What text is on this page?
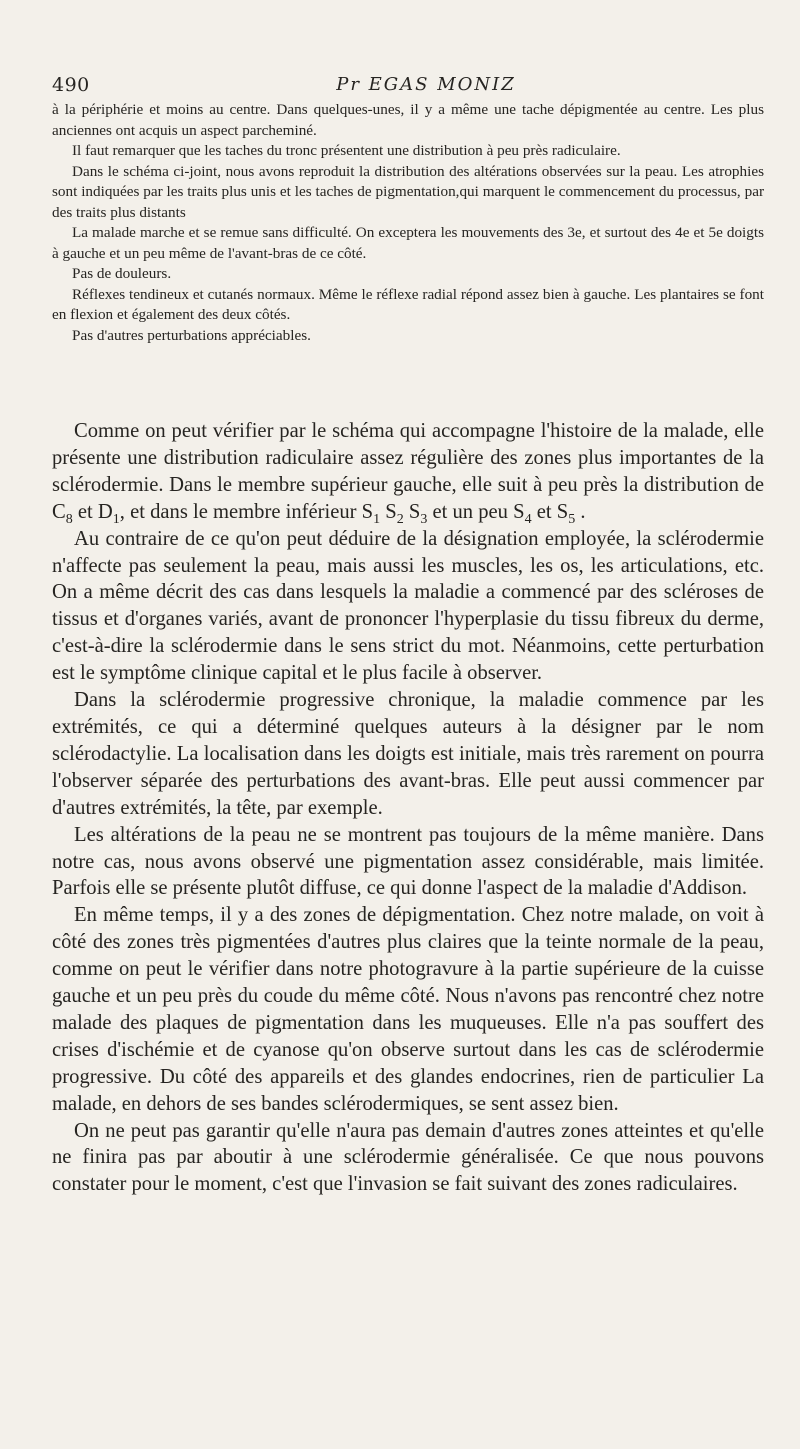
490	Pr EGAS MONIZ

à la périphérie et moins au centre. Dans quelques-unes, il y a même une tache dépigmentée au centre. Les plus anciennes ont acquis un aspect parcheminé.

Il faut remarquer que les taches du tronc présentent une distribution à peu près radiculaire.

Dans le schéma ci-joint, nous avons reproduit la distribution des altérations observées sur la peau. Les atrophies sont indiquées par les traits plus unis et les taches de pigmentation,qui marquent le commencement du processus, par des traits plus distants

La malade marche et se remue sans difficulté. On exceptera les mouvements des 3e, et surtout des 4e et 5e doigts à gauche et un peu même de l'avant-bras de ce côté.

Pas de douleurs.

Réflexes tendineux et cutanés normaux. Même le réflexe radial répond assez bien à gauche. Les plantaires se font en flexion et également des deux côtés.

Pas d'autres perturbations appréciables.

Comme on peut vérifier par le schéma qui accompagne l'histoire de la malade, elle présente une distribution radiculaire assez régulière des zones plus importantes de la sclérodermie. Dans le membre supérieur gauche, elle suit à peu près la distribution de $C_8$ et $D_1$, et dans le membre inférieur $S_1$ $S_2$ $S_3$ et un peu $S_4$ et $S_5$ .

Au contraire de ce qu'on peut déduire de la désignation employée, la sclérodermie n'affecte pas seulement la peau, mais aussi les muscles, les os, les articulations, etc. On a même décrit des cas dans lesquels la maladie a commencé par des scléroses de tissus et d'organes variés, avant de prononcer l'hyperplasie du tissu fibreux du derme, c'est-à-dire la sclérodermie dans le sens strict du mot. Néanmoins, cette perturbation est le symptôme clinique capital et le plus facile à observer.

Dans la sclérodermie progressive chronique, la maladie commence par les extrémités, ce qui a déterminé quelques auteurs à la désigner par le nom sclérodactylie. La localisation dans les doigts est initiale, mais très rarement on pourra l'observer séparée des perturbations des avant-bras. Elle peut aussi commencer par d'autres extrémités, la tête, par exemple.

Les altérations de la peau ne se montrent pas toujours de la même manière. Dans notre cas, nous avons observé une pigmentation assez considérable, mais limitée. Parfois elle se présente plutôt diffuse, ce qui donne l'aspect de la maladie d'Addison.

En même temps, il y a des zones de dépigmentation. Chez notre malade, on voit à côté des zones très pigmentées d'autres plus claires que la teinte normale de la peau, comme on peut le vérifier dans notre photogravure à la partie supérieure de la cuisse gauche et un peu près du coude du même côté. Nous n'avons pas rencontré chez notre malade des plaques de pigmentation dans les muqueuses. Elle n'a pas souffert des crises d'ischémie et de cyanose qu'on observe surtout dans les cas de sclérodermie progressive. Du côté des appareils et des glandes endocrines, rien de particulier La malade, en dehors de ses bandes sclérodermiques, se sent assez bien.

On ne peut pas garantir qu'elle n'aura pas demain d'autres zones atteintes et qu'elle ne finira pas par aboutir à une sclérodermie généralisée. Ce que nous pouvons constater pour le moment, c'est que l'invasion se fait suivant des zones radiculaires.
